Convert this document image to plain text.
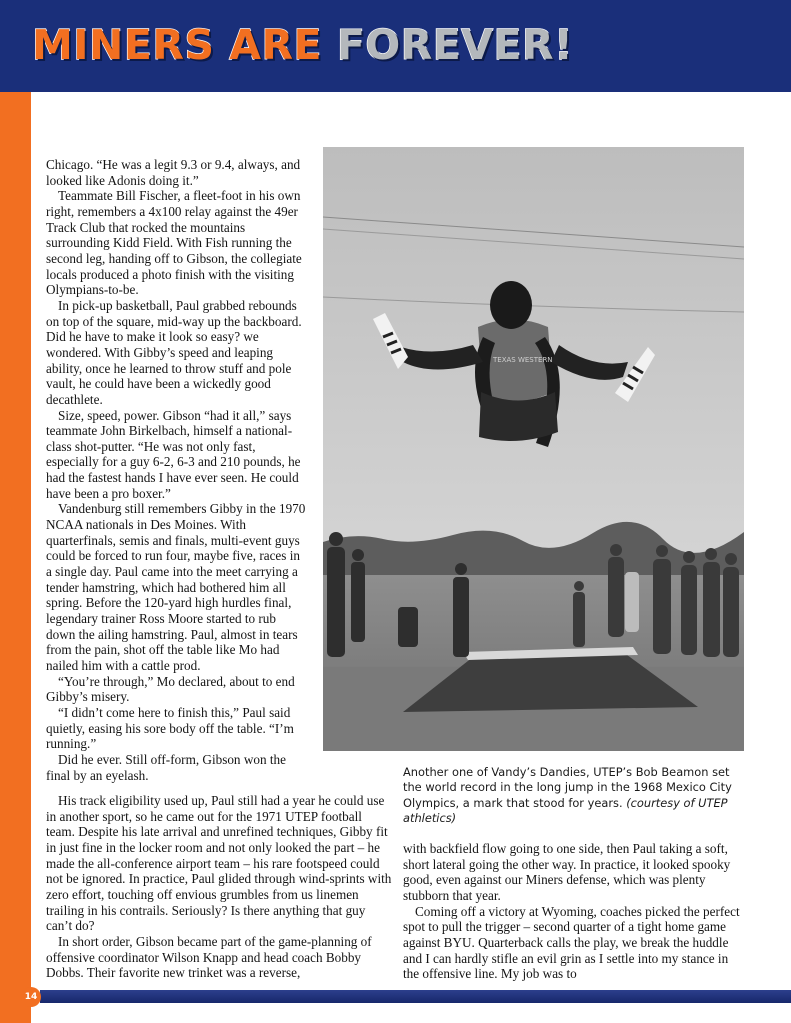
MINERS ARE FOREVER!

Chicago. “He was a legit 9.3 or 9.4, always, and looked like Adonis doing it.”

Teammate Bill Fischer, a fleet-foot in his own right, remembers a 4x100 relay against the 49er Track Club that rocked the mountains surrounding Kidd Field. With Fish running the second leg, handing off to Gibson, the collegiate locals produced a photo finish with the visiting Olympians-to-be.

In pick-up basketball, Paul grabbed rebounds on top of the square, mid-way up the backboard. Did he have to make it look so easy? we wondered. With Gibby’s speed and leaping ability, once he learned to throw stuff and pole vault, he could have been a wickedly good decathlete.

Size, speed, power. Gibson “had it all,” says teammate John Birkelbach, himself a national-class shot-putter. “He was not only fast, especially for a guy 6-2, 6-3 and 210 pounds, he had the fastest hands I have ever seen. He could have been a pro boxer.”

Vandenburg still remembers Gibby in the 1970 NCAA nationals in Des Moines. With quarterfinals, semis and finals, multi-event guys could be forced to run four, maybe five, races in a single day. Paul came into the meet carrying a tender hamstring, which had bothered him all spring. Before the 120-yard high hurdles final, legendary trainer Ross Moore started to rub down the ailing hamstring. Paul, almost in tears from the pain, shot off the table like Mo had nailed him with a cattle prod.

“You’re through,” Mo declared, about to end Gibby’s misery.

“I didn’t come here to finish this,” Paul said quietly, easing his sore body off the table. “I’m running.”

Did he ever. Still off-form, Gibson won the final by an eyelash.

TEXAS WESTERN

Another one of Vandy’s Dandies, UTEP’s Bob Beamon set the world record in the long jump in the 1968 Mexico City Olympics, a mark that stood for years. (courtesy of UTEP athletics)

His track eligibility used up, Paul still had a year he could use in another sport, so he came out for the 1971 UTEP football team. Despite his late arrival and unrefined techniques, Gibby fit in just fine in the locker room and not only looked the part – he made the all-conference airport team – his rare footspeed could not be ignored. In practice, Paul glided through wind-sprints with zero effort, touching off envious grumbles from us linemen trailing in his contrails. Seriously? Is there anything that guy can’t do?

In short order, Gibson became part of the game-planning of offensive coordinator Wilson Knapp and head coach Bobby Dobbs. Their favorite new trinket was a reverse,

with backfield flow going to one side, then Paul taking a soft, short lateral going the other way. In practice, it looked spooky good, even against our Miners defense, which was plenty stubborn that year.

Coming off a victory at Wyoming, coaches picked the perfect spot to pull the trigger – second quarter of a tight home game against BYU. Quarterback calls the play, we break the huddle and I can hardly stifle an evil grin as I settle into my stance in the offensive line. My job was to

14
